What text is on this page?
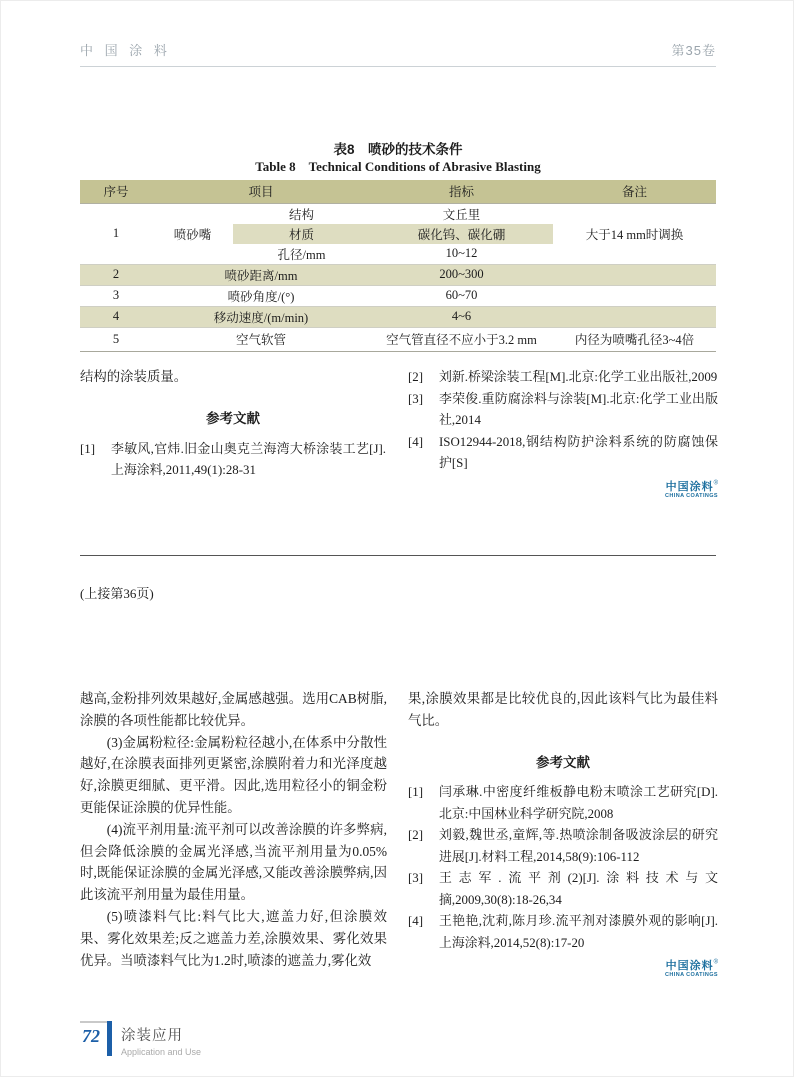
中 国 涂 料	第35卷
表8　喷砂的技术条件
Table 8　Technical Conditions of Abrasive Blasting
序号	项目		指标	备注
1	喷砂嘴	结构	文丘里	大于14 mm时调换
		材质	碳化钨、碳化硼	
		孔径/mm	10~12	
2	喷砂距离/mm		200~300	
3	喷砂角度/(°)		60~70	
4	移动速度/(m/min)		4~6	
5	空气软管		空气管直径不应小于3.2 mm	内径为喷嘴孔径3~4倍

结构的涂装质量。

参考文献
[1]	李敏风,官炜.旧金山奥克兰海湾大桥涂装工艺[J].上海涂料,2011,49(1):28-31
[2]	刘新.桥梁涂装工程[M].北京:化学工业出版社,2009
[3]	李荣俊.重防腐涂料与涂装[M].北京:化学工业出版社,2014
[4]	ISO12944-2018,钢结构防护涂料系统的防腐蚀保护[S]
中国涂料®
CHINA COATINGS
(上接第36页)

越高,金粉排列效果越好,金属感越强。选用CAB树脂,涂膜的各项性能都比较优异。

(3)金属粉粒径:金属粉粒径越小,在体系中分散性越好,在涂膜表面排列更紧密,涂膜附着力和光泽度越好,涂膜更细腻、更平滑。因此,选用粒径小的铜金粉更能保证涂膜的优异性能。

(4)流平剂用量:流平剂可以改善涂膜的许多弊病,但会降低涂膜的金属光泽感,当流平剂用量为0.05%时,既能保证涂膜的金属光泽感,又能改善涂膜弊病,因此该流平剂用量为最佳用量。

(5)喷漆料气比:料气比大,遮盖力好,但涂膜效果、雾化效果差;反之遮盖力差,涂膜效果、雾化效果优异。当喷漆料气比为1.2时,喷漆的遮盖力,雾化效

果,涂膜效果都是比较优良的,因此该料气比为最佳料气比。

参考文献
[1]	闫承琳.中密度纤维板静电粉末喷涂工艺研究[D].北京:中国林业科学研究院,2008
[2]	刘毅,魏世丞,童辉,等.热喷涂制备吸波涂层的研究进展[J].材料工程,2014,58(9):106-112
[3]	王志军.流平剂(2)[J].涂料技术与文摘,2009,30(8):18-26,34
[4]	王艳艳,沈莉,陈月珍.流平剂对漆膜外观的影响[J].上海涂料,2014,52(8):17-20
中国涂料®
CHINA COATINGS
72	涂装应用
Application and Use
